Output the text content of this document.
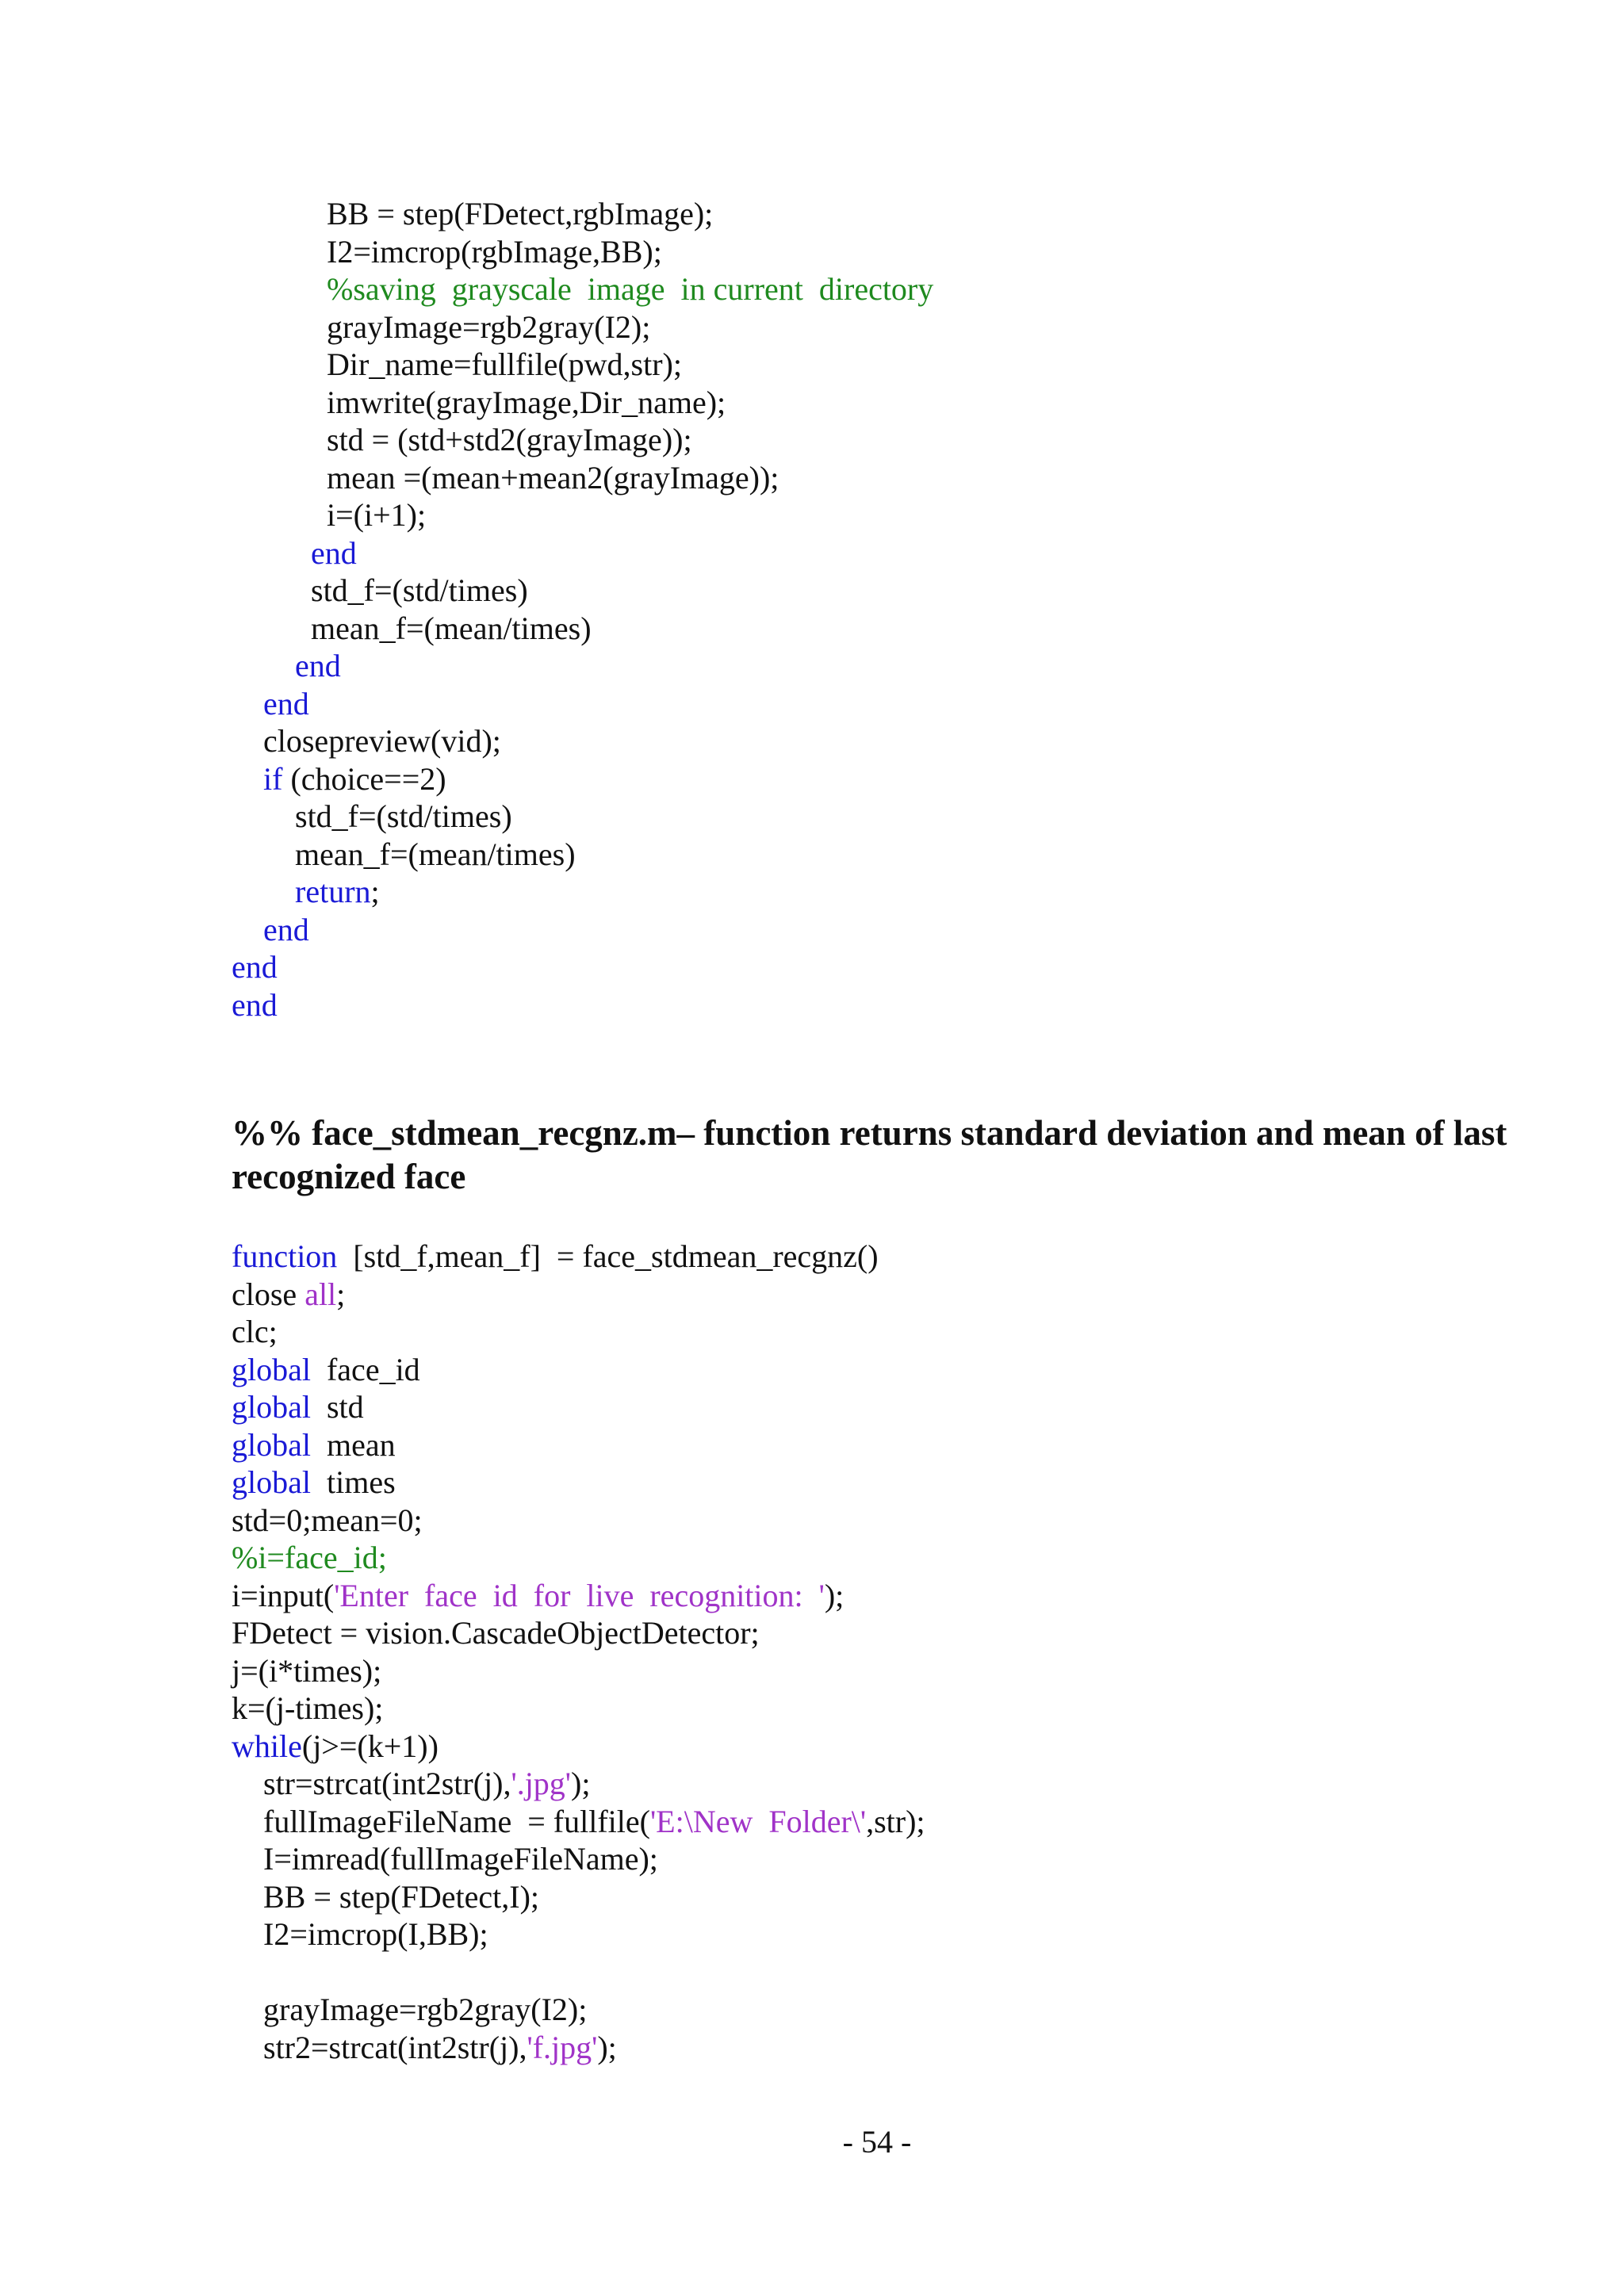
BB = step(FDetect,rgbImage);
I2=imcrop(rgbImage,BB);
%saving  grayscale  image  in current  directory
grayImage=rgb2gray(I2);
Dir_name=fullfile(pwd,str);
imwrite(grayImage,Dir_name);
std = (std+std2(grayImage));
mean =(mean+mean2(grayImage));
i=(i+1);
end
std_f=(std/times)
mean_f=(mean/times)
end
end
closepreview(vid);
if (choice==2)
std_f=(std/times)
mean_f=(mean/times)
return;
end
end
end
%% face_stdmean_recgnz.m– function returns standard deviation and mean of last recognized face
function  [std_f,mean_f]  = face_stdmean_recgnz()
close all;
clc;
global  face_id
global  std
global  mean
global  times
std=0;mean=0;
%i=face_id;
i=input('Enter  face  id  for  live  recognition:  ');
FDetect = vision.CascadeObjectDetector;
j=(i*times);
k=(j-times);
while(j>=(k+1))
str=strcat(int2str(j),'.jpg');
fullImageFileName  = fullfile('E:\New  Folder\',str);
I=imread(fullImageFileName);
BB = step(FDetect,I);
I2=imcrop(I,BB);
grayImage=rgb2gray(I2);
str2=strcat(int2str(j),'f.jpg');
- 54 -
